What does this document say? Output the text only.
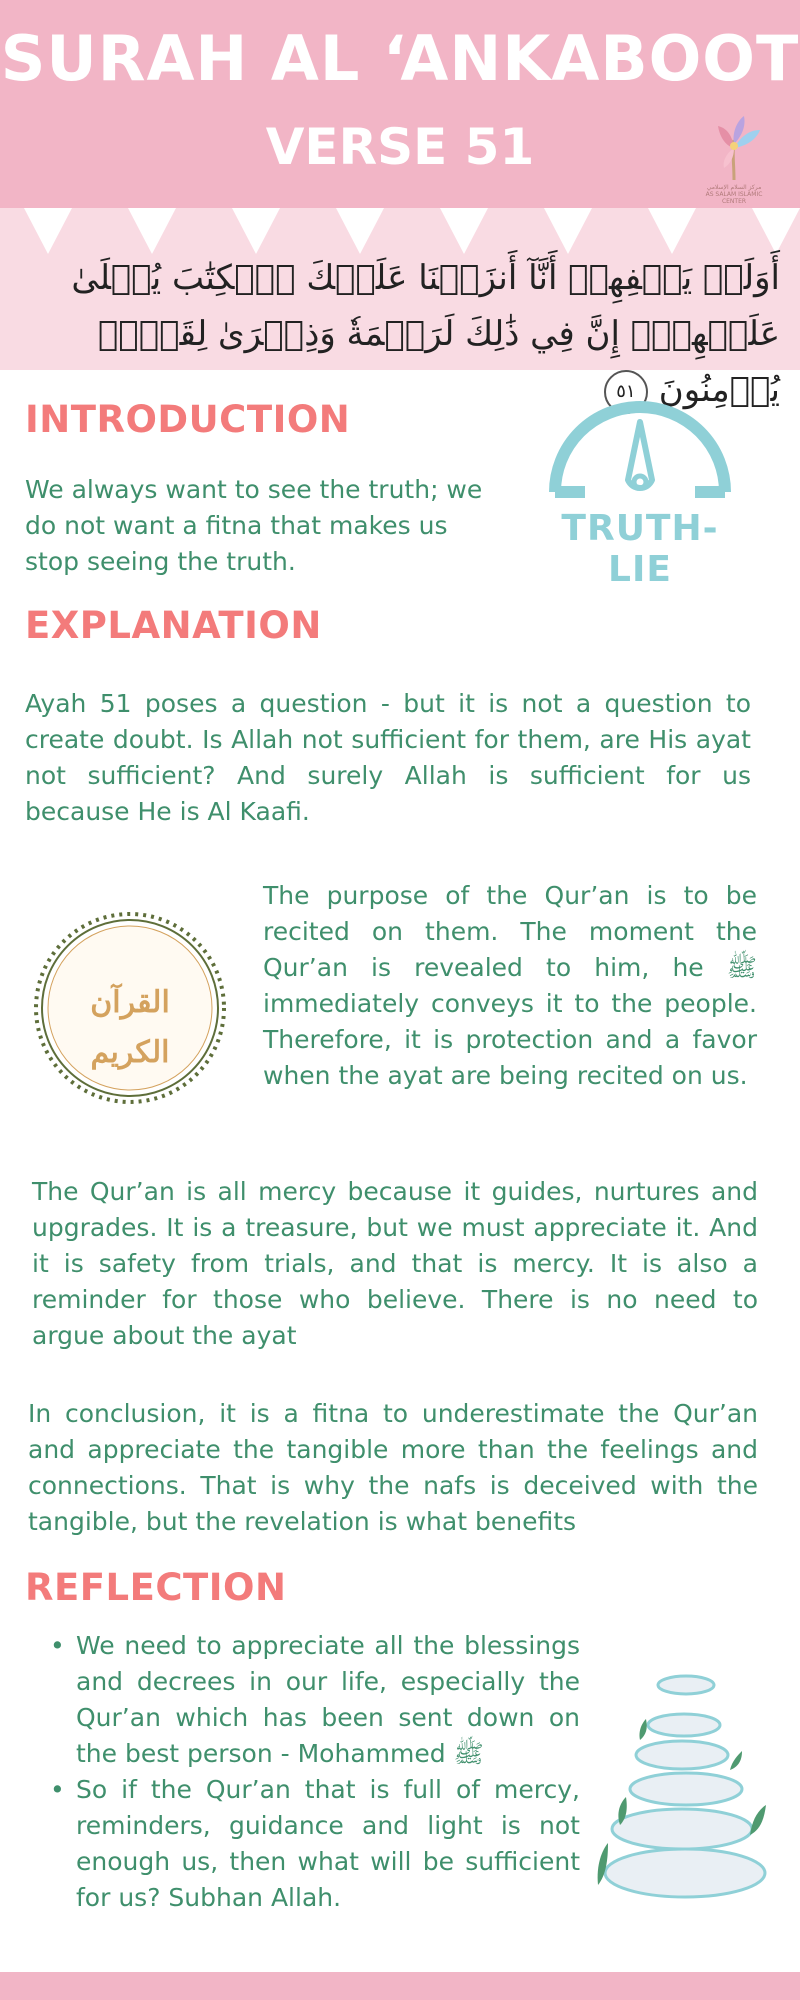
SURAH AL ‘ANKABOOT
VERSE 51
مركز السلام الإسلامي
AS SALAM ISLAMIC CENTER
أَوَلَمۡ يَكۡفِهِمۡ أَنَّآ أَنزَلۡنَا عَلَيۡكَ ٱلۡكِتَٰبَ يُتۡلَىٰ عَلَيۡهِمۡۚ إِنَّ فِي ذَٰلِكَ لَرَحۡمَةٗ وَذِكۡرَىٰ لِقَوۡمٖ يُؤۡمِنُونَ ٥١
INTRODUCTION
We always want to see the truth; we do not want a fitna that makes us stop seeing the truth.
TRUTH-LIE
EXPLANATION
Ayah 51 poses a question - but it is not a question to create doubt. Is Allah not sufficient for them, are His ayat not sufficient? And surely Allah is sufficient for us because He is Al Kaafi.
القرآن الكريم
The purpose of the Qur’an is to be recited on them. The moment the Qur’an is revealed to him, he ﷺ immediately conveys it to the people. Therefore, it is protection and a favor when the ayat are being recited on us.
The Qur’an is all mercy because it guides, nurtures and upgrades. It is a treasure, but we must appreciate it. And it is safety from trials, and that is mercy. It is also a reminder for those who believe. There is no need to argue about the ayat
In conclusion, it is a fitna to underestimate the Qur’an and appreciate the tangible more than the feelings and connections. That is why the nafs is deceived with the tangible, but the revelation is what benefits
REFLECTION
• We need to appreciate all the blessings and decrees in our life, especially the Qur’an which has been sent down on the best person - Mohammed ﷺ
• So if the Qur’an that is full of mercy, reminders, guidance and light is not enough us, then what will be sufficient for us? Subhan Allah.
